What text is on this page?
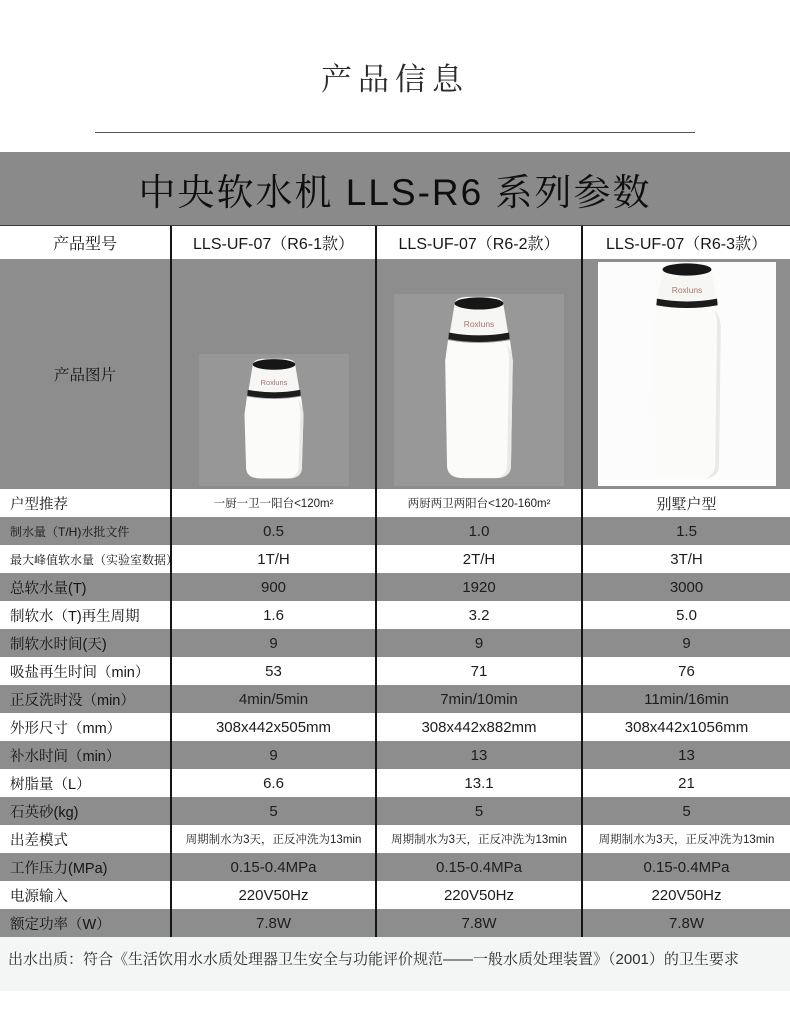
产品信息
中央软水机 LLS-R6 系列参数
产品型号	LLS-UF-07（R6-1款）	LLS-UF-07（R6-2款）	LLS-UF-07（R6-3款）
产品图片	Roxluns
Roxluns
Roxluns
户型推荐	一厨一卫一阳台<120m²	两厨两卫两阳台<120-160m²	别墅户型
制水量（T/H)水批文件	0.5	1.0	1.5
最大峰值软水量（实验室数据）	1T/H	2T/H	3T/H
总软水量(T)	900	1920	3000
制软水（T)再生周期	1.6	3.2	5.0
制软水时间(天)	9	9	9
吸盐再生时间（min）	53	71	76
正反洗时没（min）	4min/5min	7min/10min	11min/16min
外形尺寸（mm）	308x442x505mm	308x442x882mm	308x442x1056mm
补水时间（min）	9	13	13
树脂量（L）	6.6	13.1	21
石英砂(kg)	5	5	5
出差模式	周期制水为3天，正反冲洗为13min	周期制水为3天，正反冲洗为13min	周期制水为3天，正反冲洗为13min
工作压力(MPa)	0.15-0.4MPa	0.15-0.4MPa	0.15-0.4MPa
电源输入	220V50Hz	220V50Hz	220V50Hz
额定功率（W）	7.8W	7.8W	7.8W

出水出质：符合《生活饮用水水质处理器卫生安全与功能评价规范——一般水质处理装置》（2001）的卫生要求
